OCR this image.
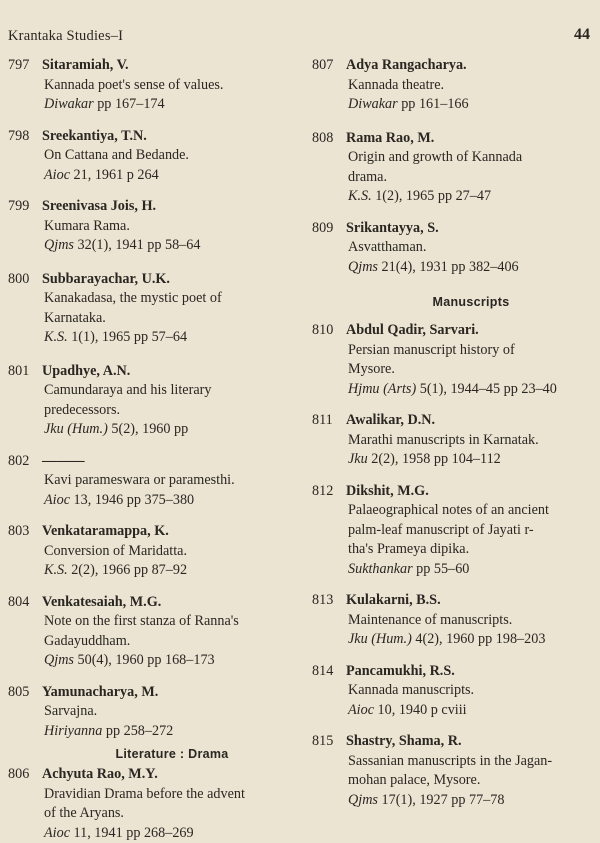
Krantaka Studies–I	44
797 Sitaramiah, V.
Kannada poet's sense of values.
Diwakar pp 167–174
798 Sreekantiya, T.N.
On Cattana and Bedande.
Aioc 21, 1961 p 264
799 Sreenivasa Jois, H.
Kumara Rama.
Qjms 32(1), 1941 pp 58–64
800 Subbarayachar, U.K.
Kanakadasa, the mystic poet of
Karnataka.
K.S. 1(1), 1965 pp 57–64
801 Upadhye, A.N.
Camundaraya and his literary
predecessors.
Jku (Hum.) 5(2), 1960 pp
802 ———
Kavi parameswara or paramesthi.
Aioc 13, 1946 pp 375–380
803 Venkataramappa, K.
Conversion of Maridatta.
K.S. 2(2), 1966 pp 87–92
804 Venkatesaiah, M.G.
Note on the first stanza of Ranna's
Gadayuddham.
Qjms 50(4), 1960 pp 168–173
805 Yamunacharya, M.
Sarvajna.
Hiriyanna pp 258–272
Literature : Drama
806 Achyuta Rao, M.Y.
Dravidian Drama before the advent
of the Aryans.
Aioc 11, 1941 pp 268–269
807 Adya Rangacharya.
Kannada theatre.
Diwakar pp 161–166
808 Rama Rao, M.
Origin and growth of Kannada
drama.
K.S. 1(2), 1965 pp 27–47
809 Srikantayya, S.
Asvatthaman.
Qjms 21(4), 1931 pp 382–406
Manuscripts
810 Abdul Qadir, Sarvari.
Persian manuscript history of
Mysore.
Hjmu (Arts) 5(1), 1944–45 pp 23–40
811 Awalikar, D.N.
Marathi manuscripts in Karnatak.
Jku 2(2), 1958 pp 104–112
812 Dikshit, M.G.
Palaeographical notes of an ancient
palm-leaf manuscript of Jayati r-
tha's Prameya dipika.
Sukthankar pp 55–60
813 Kulakarni, B.S.
Maintenance of manuscripts.
Jku (Hum.) 4(2), 1960 pp 198–203
814 Pancamukhi, R.S.
Kannada manuscripts.
Aioc 10, 1940 p cviii
815 Shastry, Shama, R.
Sassanian manuscripts in the Jagan-
mohan palace, Mysore.
Qjms 17(1), 1927 pp 77–78
